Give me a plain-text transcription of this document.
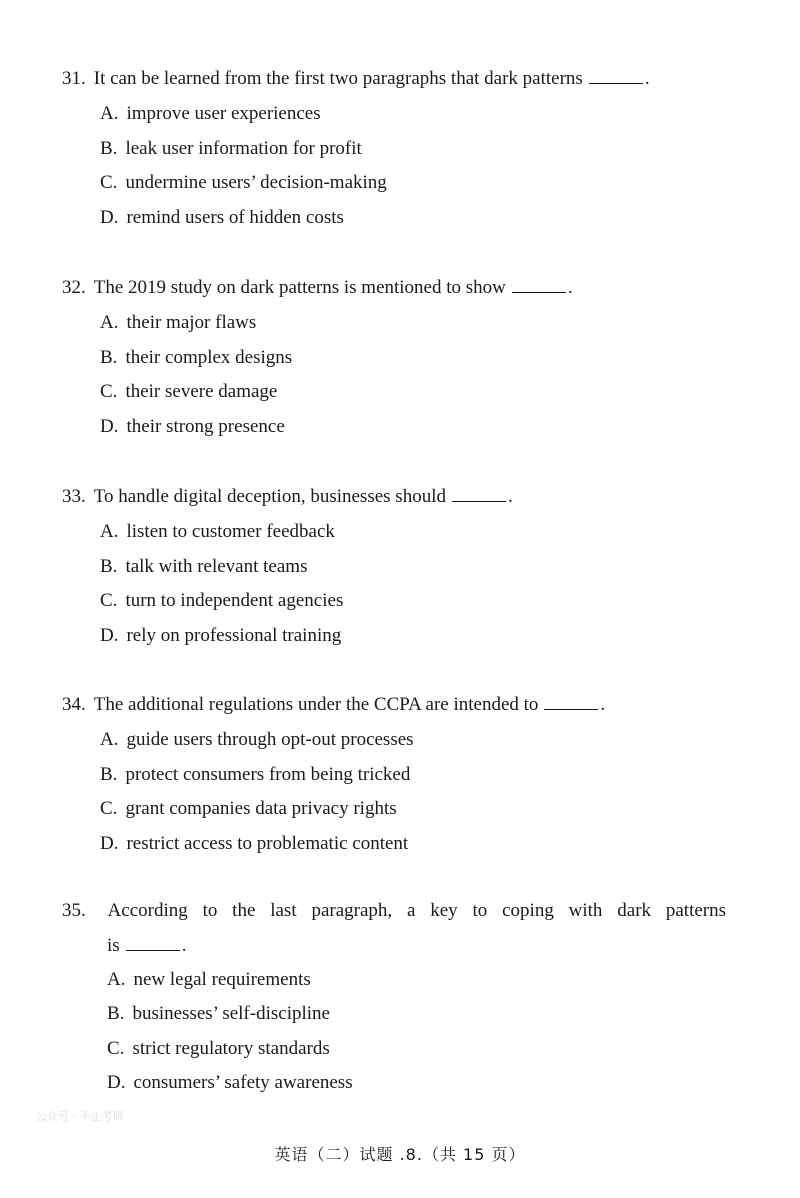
31. It can be learned from the first two paragraphs that dark patterns	.
A. improve user experiences
B. leak user information for profit
C. undermine users’ decision-making
D. remind users of hidden costs
32. The 2019 study on dark patterns is mentioned to show	.
A. their major flaws
B. their complex designs
C. their severe damage
D. their strong presence
33. To handle digital deception, businesses should	.
A. listen to customer feedback
B. talk with relevant teams
C. turn to independent agencies
D. rely on professional training
34. The additional regulations under the CCPA are intended to	.
A. guide users through opt-out processes
B. protect consumers from being tricked
C. grant companies data privacy rights
D. restrict access to problematic content
35. According to the last paragraph, a key to coping with dark patterns
is	.
A. new legal requirements
B. businesses’ self-discipline
C. strict regulatory standards
D. consumers’ safety awareness
公众号 · 不止考研
英语（二）试题 .8.（共 15 页）
